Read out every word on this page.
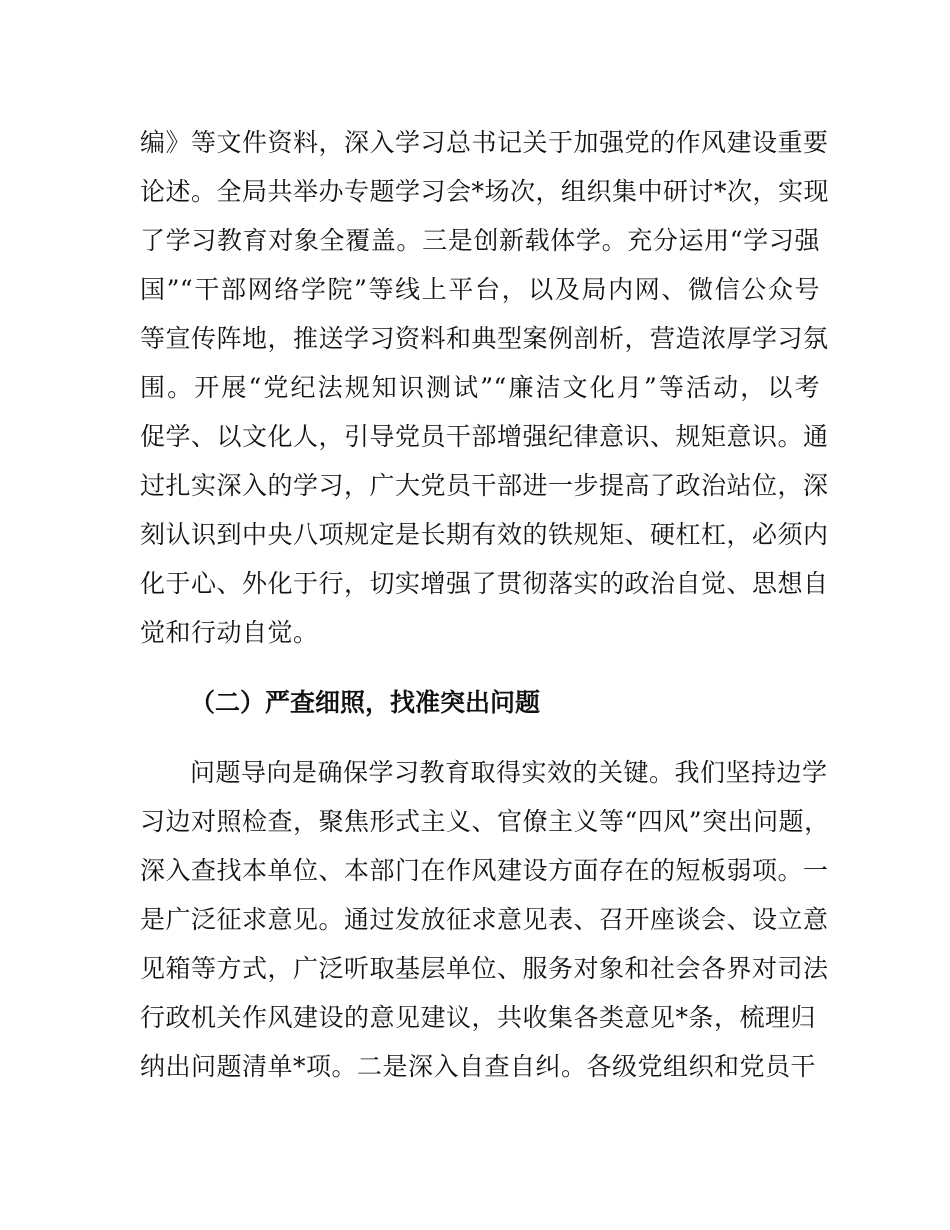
编》等文件资料，深入学习总书记关于加强党的作风建设重要
论述。全局共举办专题学习会*场次，组织集中研讨*次，实现
了学习教育对象全覆盖。三是创新载体学。充分运用“学习强
国”“干部网络学院”等线上平台，以及局内网、微信公众号
等宣传阵地，推送学习资料和典型案例剖析，营造浓厚学习氛
围。开展“党纪法规知识测试”“廉洁文化月”等活动，以考
促学、以文化人，引导党员干部增强纪律意识、规矩意识。通
过扎实深入的学习，广大党员干部进一步提高了政治站位，深
刻认识到中央八项规定是长期有效的铁规矩、硬杠杠，必须内
化于心、外化于行，切实增强了贯彻落实的政治自觉、思想自
觉和行动自觉。
（二）严查细照，找准突出问题
问题导向是确保学习教育取得实效的关键。我们坚持边学
习边对照检查，聚焦形式主义、官僚主义等“四风”突出问题，
深入查找本单位、本部门在作风建设方面存在的短板弱项。一
是广泛征求意见。通过发放征求意见表、召开座谈会、设立意
见箱等方式，广泛听取基层单位、服务对象和社会各界对司法
行政机关作风建设的意见建议，共收集各类意见*条，梳理归
纳出问题清单*项。二是深入自查自纠。各级党组织和党员干
